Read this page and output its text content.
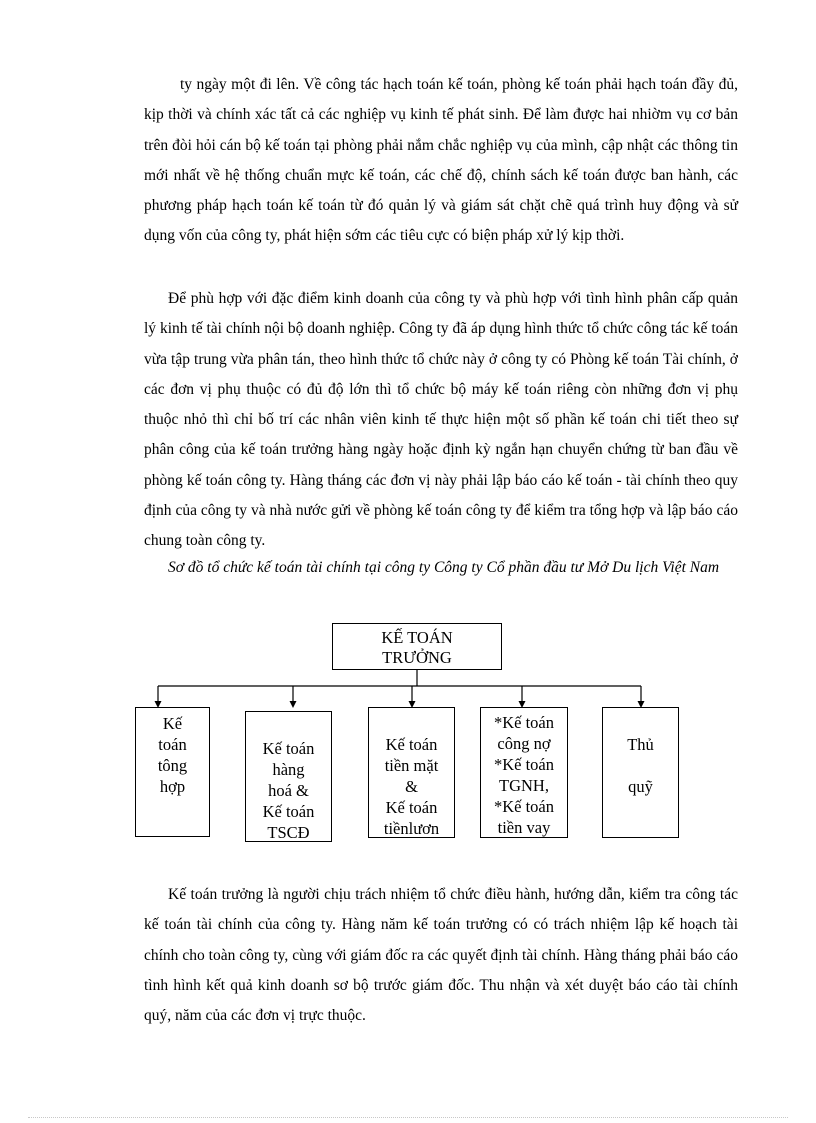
ty ngày một đi lên. Về công tác hạch toán kế toán, phòng kế toán phải hạch toán đầy đủ, kịp thời và chính xác tất cả các nghiệp vụ kinh tế phát sinh. Để làm được hai nhiờm vụ cơ bản trên đòi hỏi cán bộ kế toán tại phòng phải nắm chắc nghiệp vụ của mình, cập nhật các thông tin mới nhất về hệ thống chuẩn mực kế toán, các chế độ, chính sách kế toán được ban hành, các phương pháp hạch toán kế toán từ đó quản lý và giám sát chặt chẽ quá trình huy động và sử dụng vốn của công ty, phát hiện sớm các tiêu cực có biện pháp xử lý kịp thời.

Để phù hợp với đặc điểm kinh doanh của công ty và phù hợp với tình hình phân cấp quản lý kinh tế tài chính nội bộ doanh nghiệp. Công ty đã áp dụng hình thức tổ chức công tác kế toán vừa tập trung vừa phân tán, theo hình thức tổ chức này ở công ty có Phòng kế toán Tài chính, ở các đơn vị phụ thuộc có đủ độ lớn thì tổ chức bộ máy kế toán riêng còn những đơn vị phụ thuộc nhỏ thì chỉ bố trí các nhân viên kinh tế thực hiện một số phần kế toán chi tiết theo sự phân công của kế toán trưởng hàng ngày hoặc định kỳ ngắn hạn chuyển chứng từ ban đầu về phòng kế toán công ty. Hàng tháng các đơn vị này phải lập báo cáo kế toán - tài chính theo quy định của công ty và nhà nước gửi về phòng kế toán công ty để kiểm tra tổng hợp và lập báo cáo chung toàn công ty.

Sơ đồ tổ chức kế toán tài chính tại công ty Công ty Cổ phần đầu tư Mở Du lịch Việt Nam

KẾ TOÁN
TRƯỞNG
Kế
toán
tông
hợp
Kế toán
hàng
hoá &
Kế toán
TSCĐ
Kế toán
tiền mặt
&
Kế toán
tiềnlươn
*Kế toán
công nợ
*Kế toán
TGNH,
*Kế toán
tiền vay
Thủ
quỹ

Kế toán trưởng là người chịu trách nhiệm tổ chức điều hành, hướng dẫn, kiểm tra công tác kế toán tài chính của công ty. Hàng năm kế toán trưởng có có trách nhiệm lập kế hoạch tài chính cho toàn công ty, cùng với giám đốc ra các quyết định tài chính. Hàng tháng phải báo cáo tình hình kết quả kinh doanh sơ bộ trước giám đốc. Thu nhận và xét duyệt báo cáo tài chính quý, năm của các đơn vị trực thuộc.
